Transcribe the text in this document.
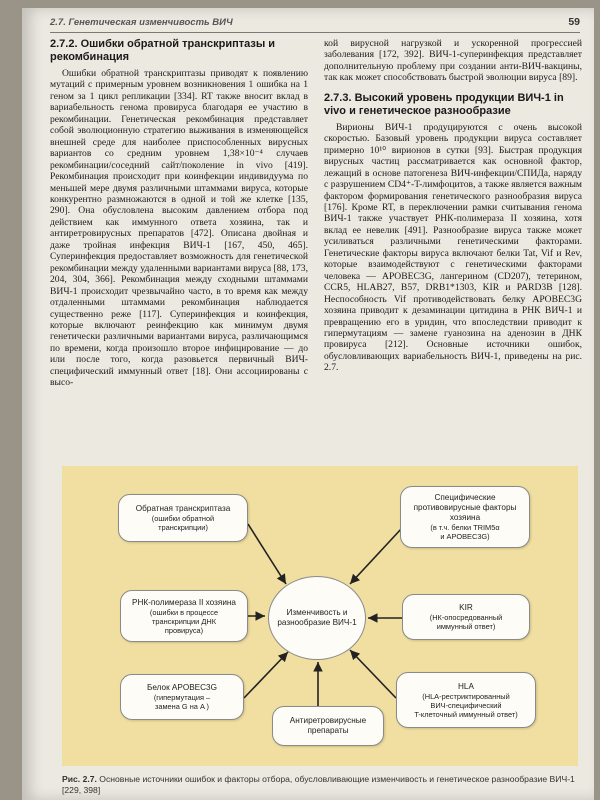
2.7. Генетическая изменчивость ВИЧ	59
2.7.2. Ошибки обратной транскриптазы и рекомбинация

Ошибки обратной транскриптазы приводят к появлению мутаций с примерным уровнем возникновения 1 ошибка на 1 геном за 1 цикл репликации [334]. RT также вносит вклад в вариабельность генома провируса благодаря ее участию в рекомбинации. Генетическая рекомбинация представляет собой эволюционную стратегию выживания в изменяющейся внешней среде для наиболее приспособленных вирусных вариантов со средним уровнем 1,38×10⁻⁴ случаев рекомбинации/соседний сайт/поколение in vivo [419]. Рекомбинация происходит при коинфекции индивидуума по меньшей мере двумя различными штаммами вируса, которые конкурентно размножаются в одной и той же клетке [135, 290]. Она обусловлена высоким давлением отбора под действием как иммунного ответа хозяина, так и антиретровирусных препаратов [472]. Описана двойная и даже тройная инфекция ВИЧ-1 [167, 450, 465]. Суперинфекция предоставляет возможность для генетической рекомбинации между удаленными вариантами вируса [88, 173, 204, 304, 366]. Рекомбинация между сходными штаммами ВИЧ-1 происходит чрезвычайно часто, в то время как между отдаленными штаммами рекомбинация наблюдается существенно реже [117]. Суперинфекция и коинфекция, которые включают реинфекцию как минимум двумя генетически различными вариантами вируса, различающимся по времени, когда произошло второе инфицирование — до или после того, когда разовьется первичный ВИЧ-специфический иммунный ответ [18]. Они ассоциированы с высо-

кой вирусной нагрузкой и ускоренной прогрессией заболевания [172, 392]. ВИЧ-1-суперинфекция представляет дополнительную проблему при создании анти-ВИЧ-вакцины, так как может способствовать быстрой эволюции вируса [89].

2.7.3. Высокий уровень продукции ВИЧ-1 in vivo и генетическое разнообразие

Вирионы ВИЧ-1 продуцируются с очень высокой скоростью. Базовый уровень продукции вируса составляет примерно 10¹⁰ вирионов в сутки [93]. Быстрая продукция вирусных частиц рассматривается как основной фактор, лежащий в основе патогенеза ВИЧ-инфекции/СПИДа, наряду с разрушением CD4⁺-T-лимфоцитов, а также является важным фактором формирования генетического разнообразия вируса [176]. Кроме RT, в переключении рамки считывания генома ВИЧ-1 также участвует РНК-полимераза II хозяина, хотя вклад ее невелик [491]. Разнообразие вируса также может усиливаться различными генетическими факторами. Генетические факторы вируса включают белки Tat, Vif и Rev, которые взаимодействуют с генетическими факторами человека — APOBEC3G, лангерином (CD207), тетерином, CCR5, HLAB27, B57, DRB1*1303, KIR и PARD3B [128]. Неспособность Vif противодействовать белку APOBEC3G хозяина приводит к дезаминации цитидина в РНК ВИЧ-1 и превращению его в уридин, что впоследствии приводит к гипермутациям — замене гуанозина на аденозин в ДНК провируса [212]. Основные источники ошибок, обусловливающих вариабельность ВИЧ-1, приведены на рис. 2.7.

Обратная транскриптаза
(ошибки обратной
транскрипции)
РНК-полимераза II хозяина
(ошибки в процессе
транскрипции ДНК
провируса)
Белок APOBEC3G
(гипермутация –
замена G на A )
Антиретровирусные
препараты
Специфические
противовирусные факторы
хозяина
(в т.ч. белки TRIM5α
и APOBEC3G)
KIR
(НК-опосредованный
иммунный ответ)
HLA
(HLA-рестриктированный
ВИЧ-специфический
T-клеточный иммунный ответ)
Изменчивость и разнообразие ВИЧ-1
Рис. 2.7. Основные источники ошибок и факторы отбора, обусловливающие изменчивость и генетическое разнообразие ВИЧ-1 [229, 398]
